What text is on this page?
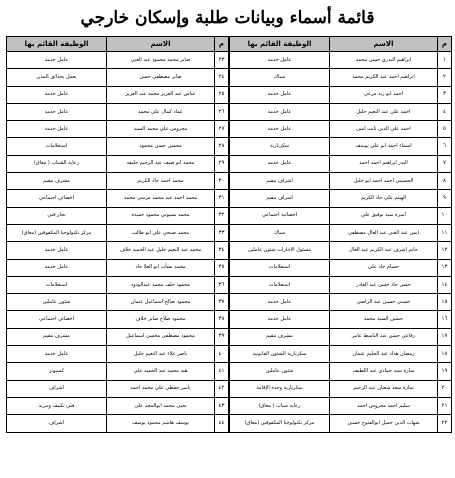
قائمة أسماء وبيانات طلبة وإسكان خارجي
م	الاسم	الوظيفة القائم بها
٢٣	صابر محمد محمود عبد الغني	عامل خدمة
٢٤	صابر مصطفى حسن	يعمل بحدائق المدن
٢٥	عباس عبد العزيز محمد عبد العزيز	عامل خدمة
٢٦	عماد كمال علي محمد	عامل خدمة
٢٧	محروس علي محمد السيد	عامل خدمة
٢٨	محسن حسن محمود	استعلامات
٢٩	محمد ابو ضيف عبد الرحيم خليفة	رعاية الشباب ( معاق)
٣٠	محمد احمد جاد الكريم	مشرف مقيم
٣١	محمد احمد عبد محمد مرسي محمد	اخصائي اجتماعي
٣٢	محمد بسيوني محمود حميدة	نجار قني
٣٣	محمد صبحي علي ابو طالب	مركز تكنولوجيا المكفوفين (معاق)
٣٤	محمد عبد النعيم خليل عبد الحميد خلاف	عامل خدمة
٣٥	محمد نشأت ابو العلا جاد	عامل خدمة
٣٦	محمود خلف محمد عبدالودود	استعلامات
٣٧	محمود صالح اسماعيل عثمان	شئون عاملين
٣٨	محمود صلاح صابر خلاف	اخصائي اجتماعي
٣٩	محمود مصطفى محسن اسماعيل	مشرف مقيم
٤٠	ناصر علاء عبد النعيم خليل	عامل خدمة
٤١	هبة محمد عبد الحميد علي	كمبيوتر
٤٢	ياسر حفظي علي محمد احمد	اشراف
٤٣	يحيى محمد ابوالمجد علي	فني تكييف وتبريد
٤٤	يوسف هاشم محمود يوسف	اشراف
م	الاسم	الوظيفة القائم بها
١	ابراهيم البدري حسن محمد	عامل خدمة
٢	ابراهيم احمد عبد الكريم محمد	سباك
٣	احمد ابو زيد مرعي	عامل خدمة
٤	احمد علي عبد النعيم خليل	عامل خدمة
٥	احمد علي الدين ثابت امين	عامل خدمة
٦	اسماء احمد ابو علي يوسف	سكرتارية
٧	البدر ابراهيم احمد احمد	عامل خدمة
٨	الحسيني احمد احمد ابو خليل	اشراف مقيم
٩	الهيثم علي جاد الكريم	اشراف مقيم
١٠	اميرة سيد توفيق علي	اخصائية اجتماعي
١١	ايمن عبد الغني عبد العال مصطفى	سباك
١٢	حاتم اشرف عبد الكريم عبد العال	مسئول الاجازات شئون عاملين
١٣	حسام جاد علي	استعلامات
١٤	حسن جاد حسن عبد القادر	استعلامات
١٥	حسني حسين عبد الراضي	عامل خدمة
١٦	حسين السيد محمد	عامل خدمة
١٧	رفاعي حسن عبد الباسط عامر	مشرف مقيم
١٨	رمضان هداد عبد الحليم عثمان	سكرتارية الشئون القانونية
١٩	سارة سيد حمادي عبد اللطيف	شئون عاملين
٢٠	سارة سعد شعبان عبد الرحيم	سكرتارية وحدة الإقامة
٢١	سليم احمد محروس احمد	رعاية شباب ( معاق)
٢٢	شهاب الدين جميل ابوالفتوح حسين	مركز تكنولوجيا المكفوفين (معاق)
